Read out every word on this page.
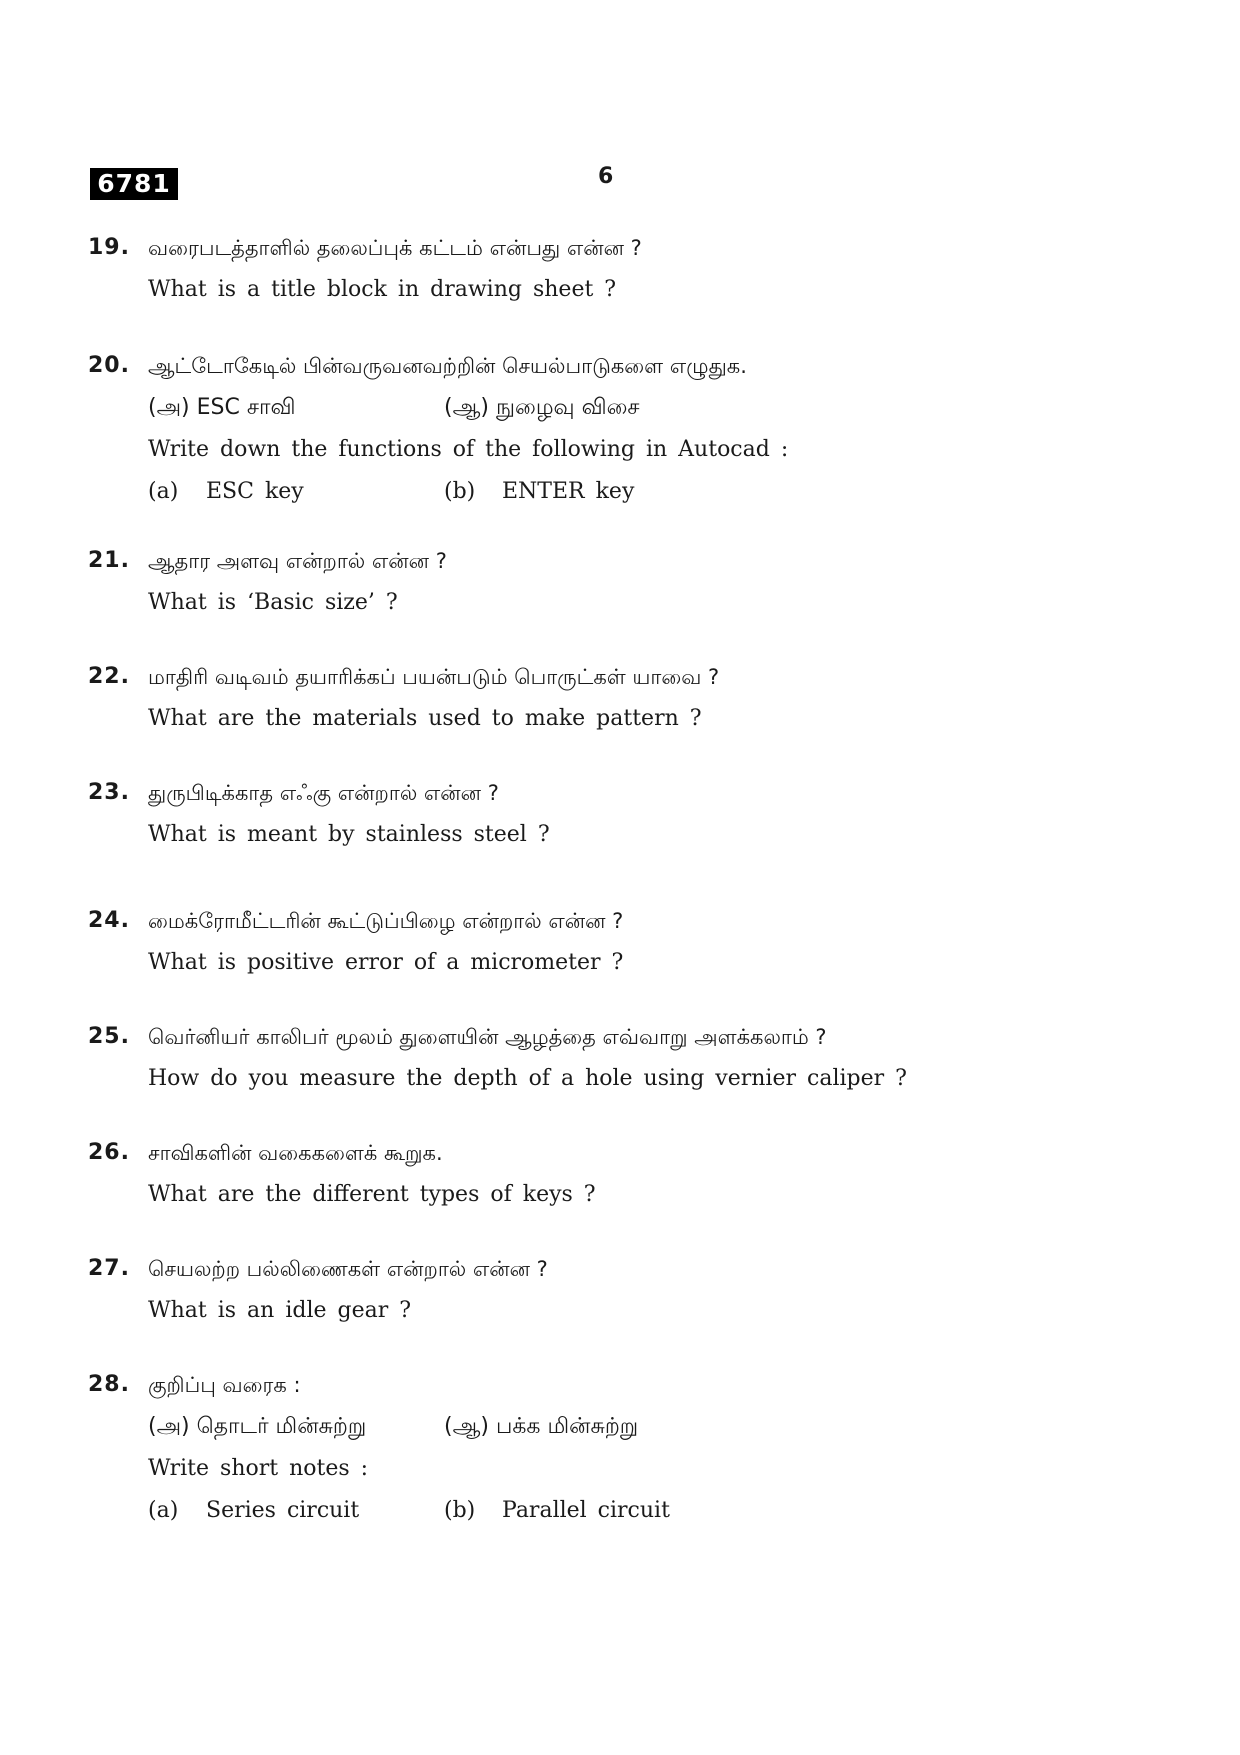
6781	6
19. வரைபடத்தாளில் தலைப்புக் கட்டம் என்பது என்ன ?
What is a title block in drawing sheet ?
20. ஆட்டோகேடில் பின்வருவனவற்றின் செயல்பாடுகளை எழுதுக.
(அ) ESC சாவி	(ஆ) நுழைவு விசை
Write down the functions of the following in Autocad :
(a) ESC key	(b) ENTER key
21. ஆதார அளவு என்றால் என்ன ?
What is ‘Basic size’ ?
22. மாதிரி வடிவம் தயாரிக்கப் பயன்படும் பொருட்கள் யாவை ?
What are the materials used to make pattern ?
23. துருபிடிக்காத எஃகு என்றால் என்ன ?
What is meant by stainless steel ?
24. மைக்ரோமீட்டரின் கூட்டுப்பிழை என்றால் என்ன ?
What is positive error of a micrometer ?
25. வெர்னியர் காலிபர் மூலம் துளையின் ஆழத்தை எவ்வாறு அளக்கலாம் ?
How do you measure the depth of a hole using vernier caliper ?
26. சாவிகளின் வகைகளைக் கூறுக.
What are the different types of keys ?
27. செயலற்ற பல்லிணைகள் என்றால் என்ன ?
What is an idle gear ?
28. குறிப்பு வரைக :
(அ) தொடர் மின்சுற்று	(ஆ) பக்க மின்சுற்று
Write short notes :
(a) Series circuit	(b) Parallel circuit
